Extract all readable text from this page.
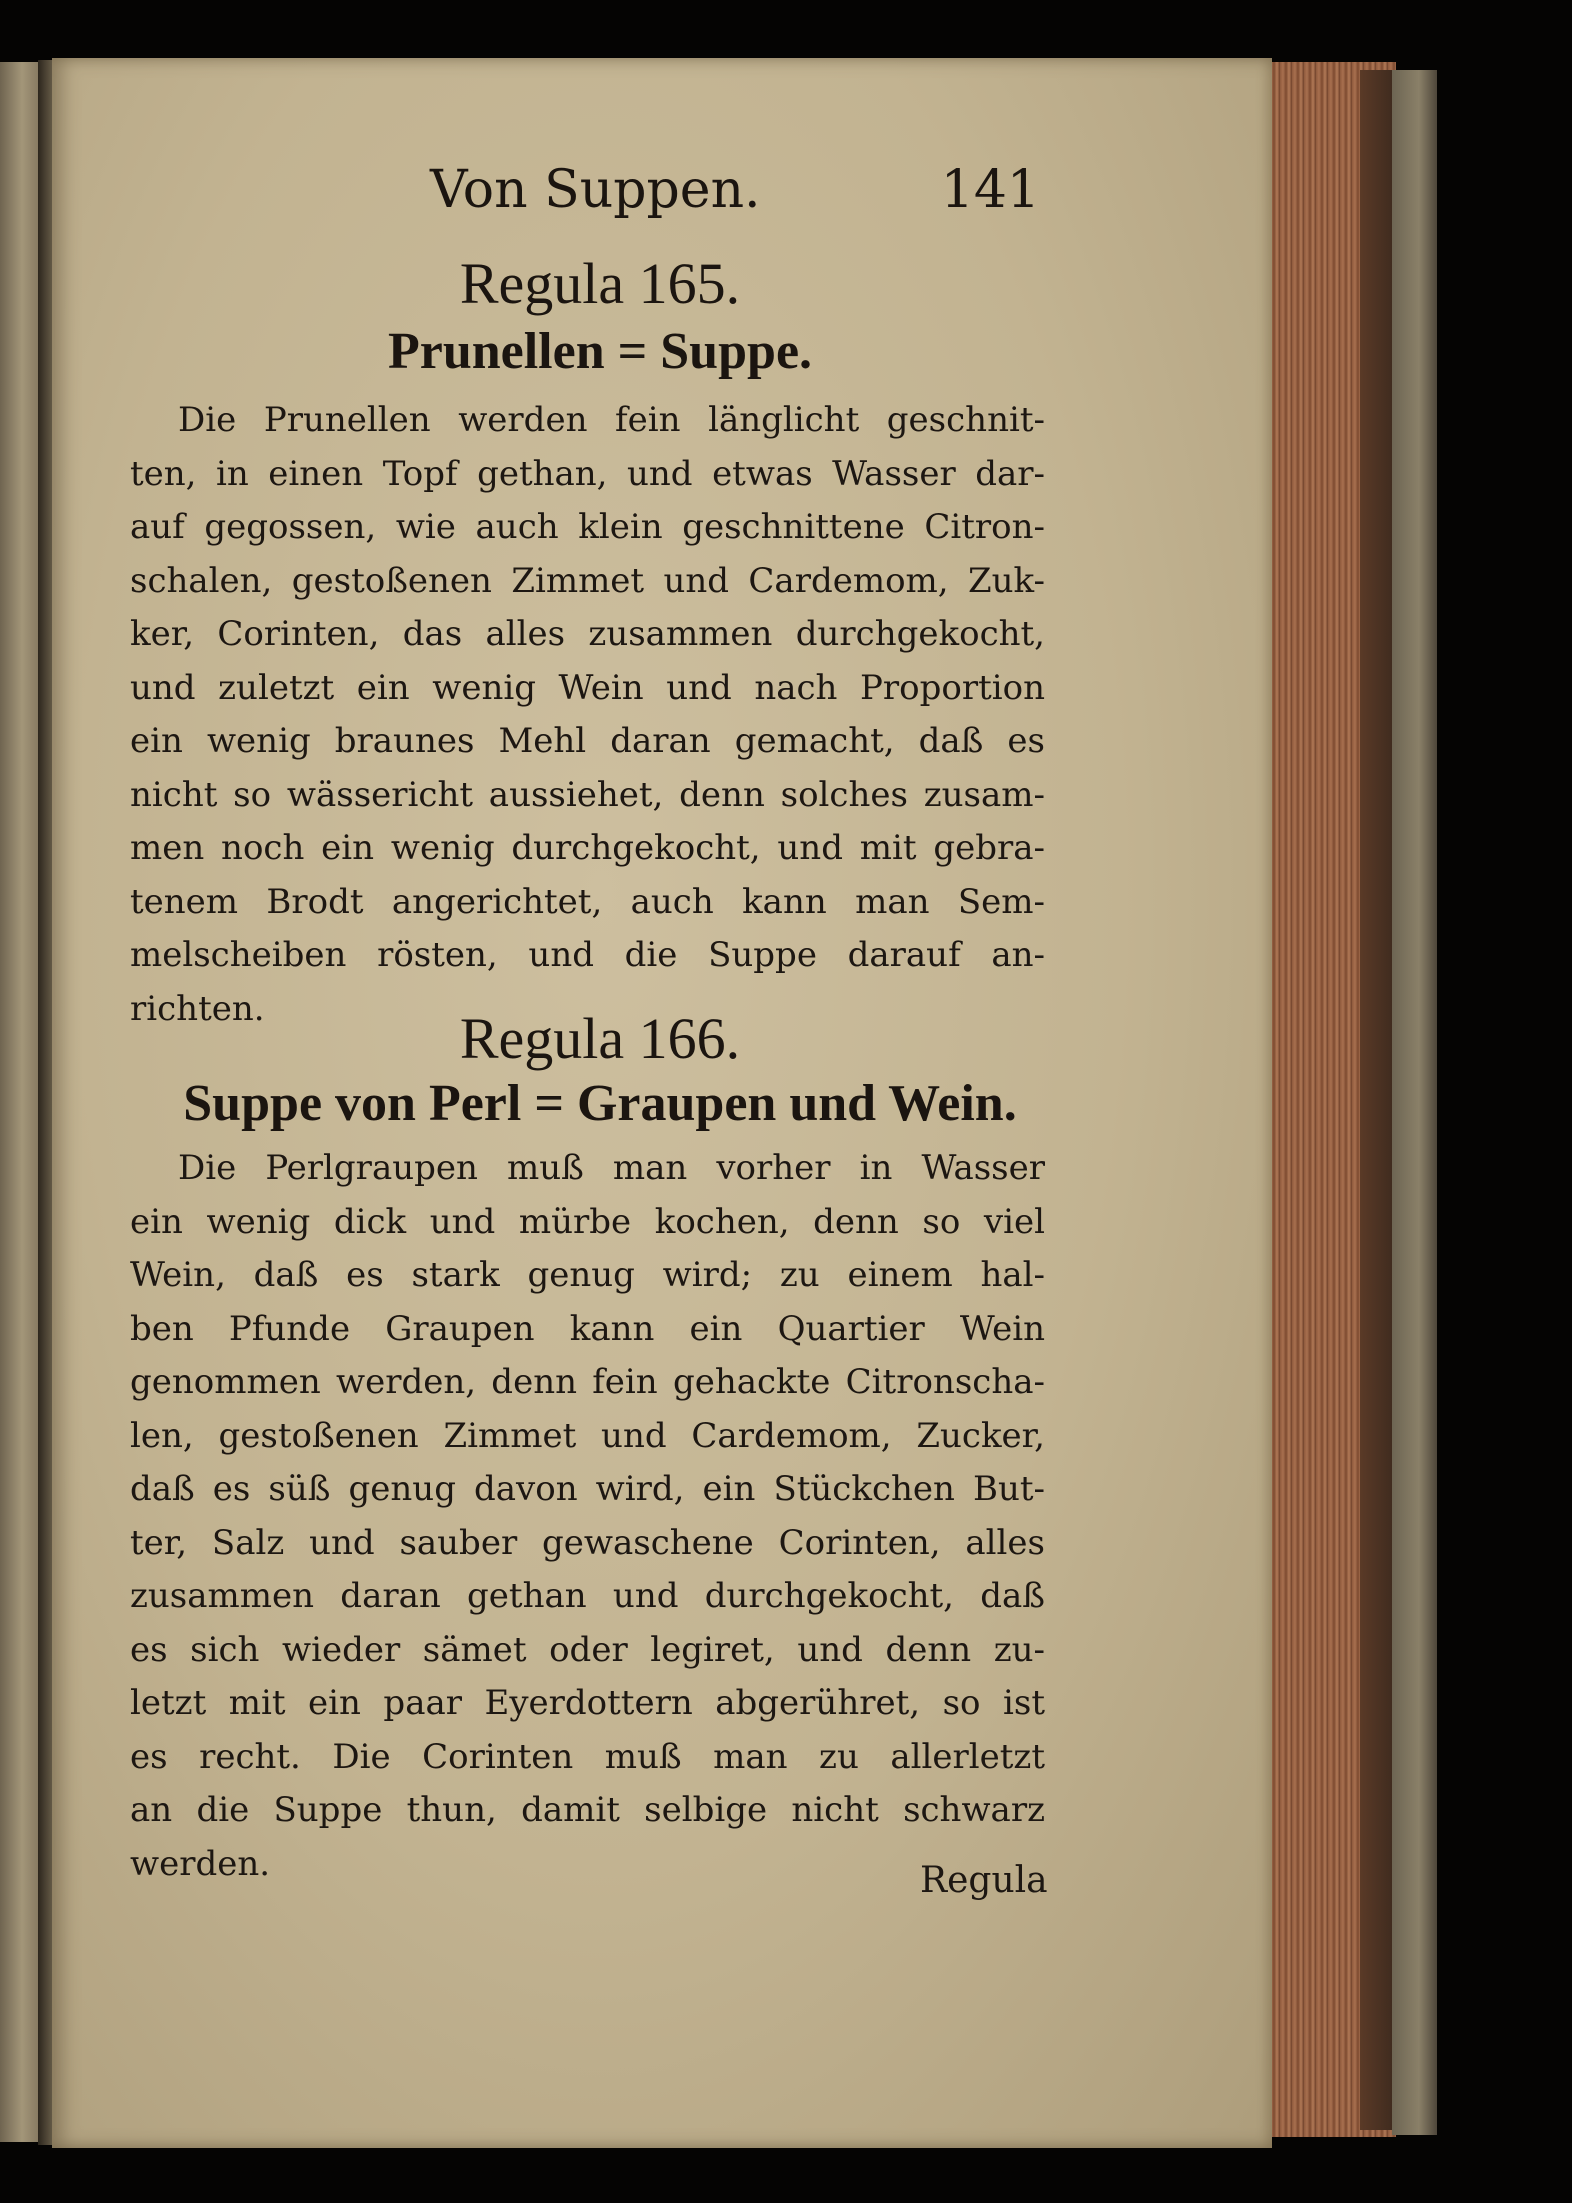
Von Suppen.	141
Regula 165.
Prunellen = Suppe.
Die Prunellen werden fein länglicht geschnit-
ten, in einen Topf gethan, und etwas Wasser dar-
auf gegossen, wie auch klein geschnittene Citron-
schalen, gestoßenen Zimmet und Cardemom, Zuk-
ker, Corinten, das alles zusammen durchgekocht,
und zuletzt ein wenig Wein und nach Proportion
ein wenig braunes Mehl daran gemacht, daß es
nicht so wässericht aussiehet, denn solches zusam-
men noch ein wenig durchgekocht, und mit gebra-
tenem Brodt angerichtet, auch kann man Sem-
melscheiben rösten, und die Suppe darauf an-
richten.	Regula 166.
Suppe von Perl = Graupen und Wein.
Die Perlgraupen muß man vorher in Wasser
ein wenig dick und mürbe kochen, denn so viel
Wein, daß es stark genug wird; zu einem hal-
ben Pfunde Graupen kann ein Quartier Wein
genommen werden, denn fein gehackte Citronscha-
len, gestoßenen Zimmet und Cardemom, Zucker,
daß es süß genug davon wird, ein Stückchen But-
ter, Salz und sauber gewaschene Corinten, alles
zusammen daran gethan und durchgekocht, daß
es sich wieder sämet oder legiret, und denn zu-
letzt mit ein paar Eyerdottern abgerühret, so ist
es recht. Die Corinten muß man zu allerletzt
an die Suppe thun, damit selbige nicht schwarz
werden.	Regula
